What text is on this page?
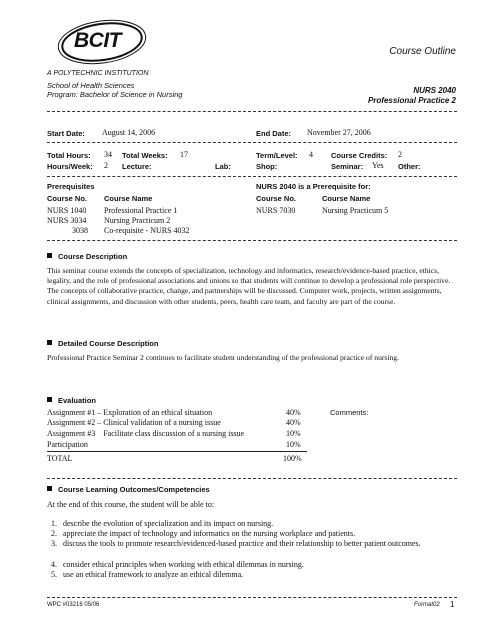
BCIT
A POLYTECHNIC INSTITUTION
Course Outline
School of Health Sciences
Program: Bachelor of Science in Nursing	NURS 2040
Professional Practice 2
Start Date: August 14, 2006	End Date: November 27, 2006
Total Hours: 34 Total Weeks: 17	Term/Level: 4 Course Credits: 2
Hours/Week: 2 Lecture:	Lab:	Shop:	Seminar: Yes Other:
Prerequisites
Course No. Course Name
NURS 1040 Professional Practice 1
NURS 3034 Nursing Practicum 2
3038 Co-requisite - NURS 4032
NURS 2040 is a Prerequisite for:
Course No.	Course Name
NURS 7030	Nursing Practicum 5
Course Description
This seminar course extends the concepts of specialization, technology and informatics, research/evidence-based practice, ethics, legality, and the role of professional associations and unions so that students will continue to develop a professional role perspective. The concepts of collaborative practice, change, and partnerships will be discussed. Computer work, projects, written assignments, clinical assignments, and discussion with other students, peers, health care team, and faculty are part of the course.
Detailed Course Description
Professional Practice Seminar 2 continues to facilitate student understanding of the professional practice of nursing.
Evaluation
Assignment #1 – Exploration of an ethical situation	40%
Assignment #2 – Clinical validation of a nursing issue	40%
Assignment #3    Facilitate class discussion of a nursing issue	10%
Participation	10%
TOTAL	100%
Comments:
Course Learning Outcomes/Competencies
At the end of this course, the student will be able to:
1. describe the evolution of specialization and its impact on nursing.
2. appreciate the impact of technology and informatics on the nursing workplace and patients.
3. discuss the tools to promote research/evidenced-based practice and their relationship to better patient outcomes.
4. consider ethical principles when working with ethical dilemmas in nursing.
5. use an ethical framework to analyze an ethical dilemma.
WPC #03216 05/06	Format02 1
